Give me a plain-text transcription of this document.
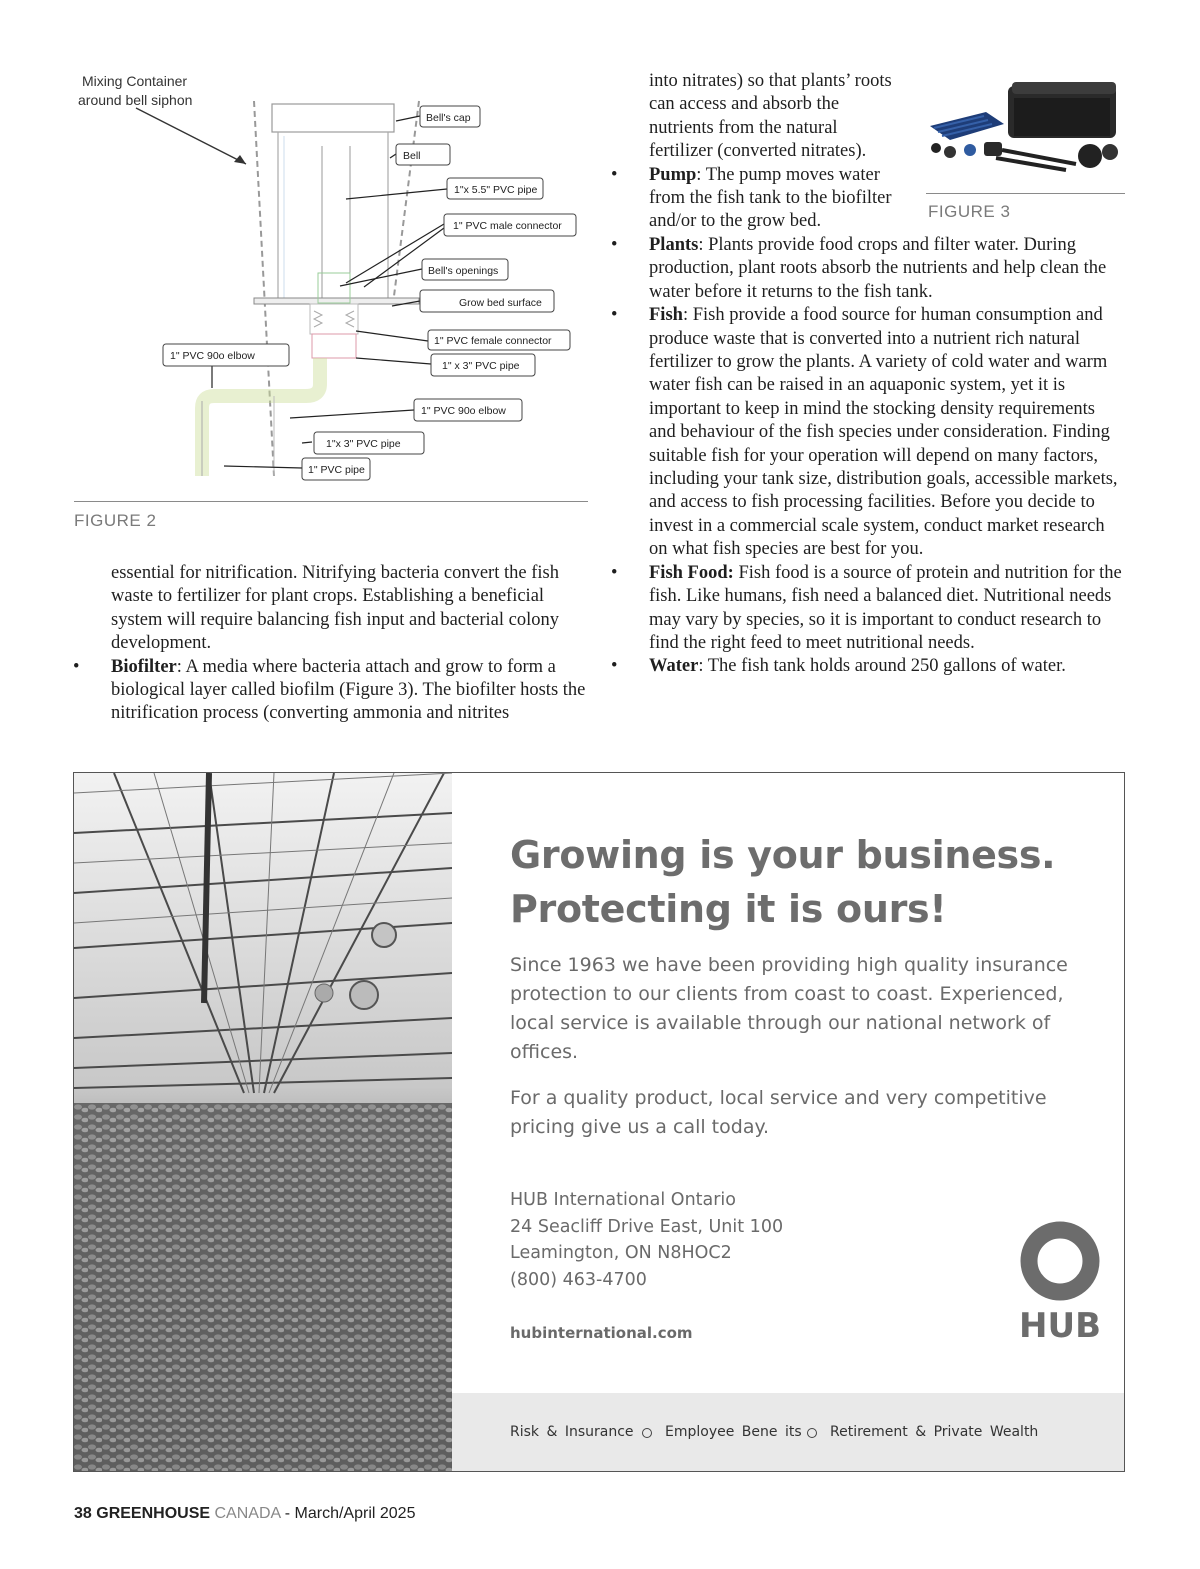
Mixing Container
around bell siphon
Bell's cap
Bell
1"x 5.5" PVC pipe
1" PVC male connector
Bell's openings
Grow bed surface
1" PVC female connector
1" x 3" PVC pipe
1" PVC 90o elbow
1" PVC 90o elbow
1"x 3" PVC pipe
1" PVC pipe
FIGURE 2

essential for nitrification. Nitrifying bacteria convert the fish waste to fertilizer for plant crops. Establishing a beneficial system will require balancing fish input and bacterial colony development.

• Biofilter: A media where bacteria attach and grow to form a biological layer called biofilm (Figure 3). The biofilter hosts the nitrification process (converting ammonia and nitrites

FIGURE 3

into nitrates) so that plants’ roots can access and absorb the nutrients from the natural fertilizer (converted nitrates).

• Pump: The pump moves water from the fish tank to the biofilter and/or to the grow bed.

• Plants: Plants provide food crops and filter water. During production, plant roots absorb the nutrients and help clean the water before it returns to the fish tank.

• Fish: Fish provide a food source for human consumption and produce waste that is converted into a nutrient rich natural fertilizer to grow the plants. A variety of cold water and warm water fish can be raised in an aquaponic system, yet it is important to keep in mind the stocking density requirements and behaviour of the fish species under consideration. Finding suitable fish for your operation will depend on many factors, including your tank size, distribution goals, accessible markets, and access to fish processing facilities. Before you decide to invest in a commercial scale system, conduct market research on what fish species are best for you.

• Fish Food: Fish food is a source of protein and nutrition for the fish. Like humans, fish need a balanced diet. Nutritional needs may vary by species, so it is important to conduct research to find the right feed to meet nutritional needs.

• Water: The fish tank holds around 250 gallons of water.

Growing is your business.
Protecting it is ours!

Since 1963 we have been providing high quality insurance protection to our clients from coast to coast. Experienced, local service is available through our national network of offices.

For a quality product, local service and very competitive pricing give us a call today.

HUB International Ontario
24 Seacliff Drive East, Unit 100
Leamington, ON N8HOC2
(800) 463-4700
hubinternational.com	HUB
Risk & Insurance Employee Bene its Retirement & Private Wealth
38 GREENHOUSE CANADA - March/April 2025
